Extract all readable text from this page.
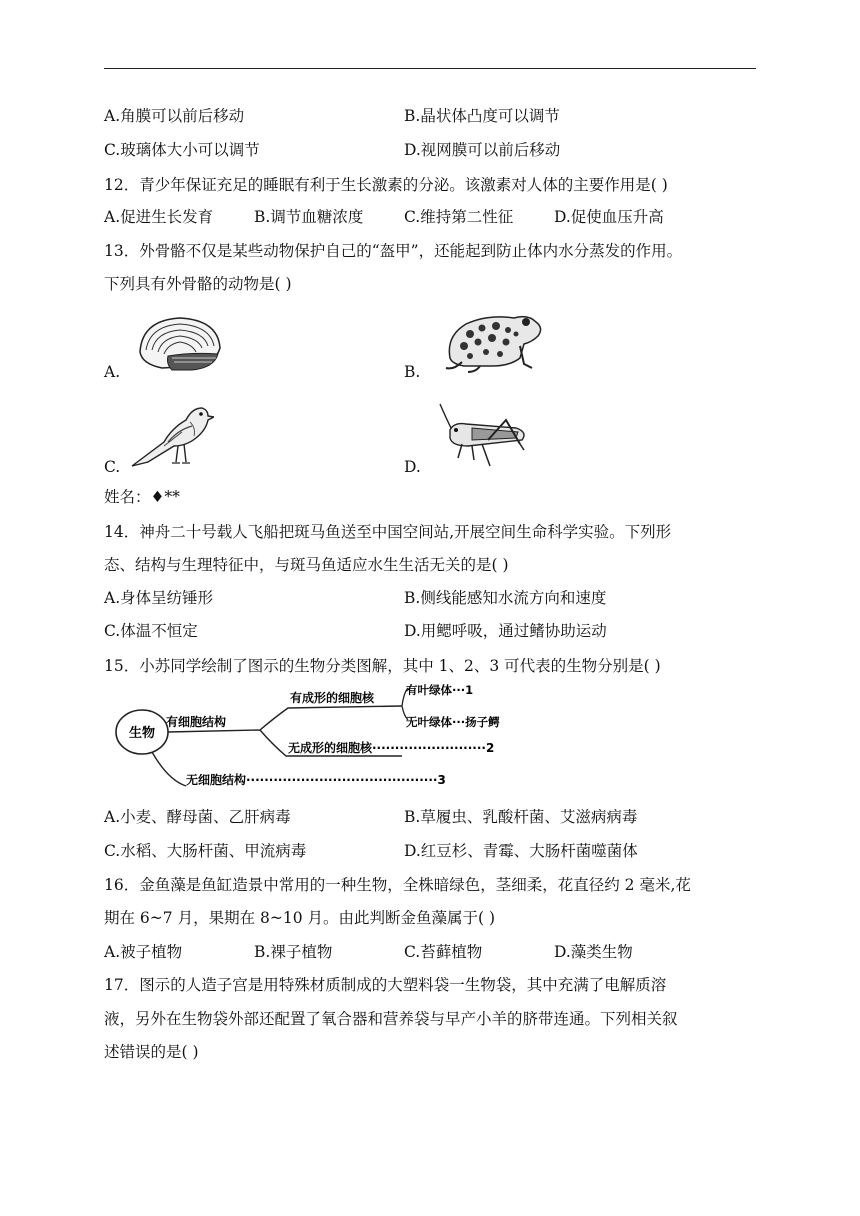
A.角膜可以前后移动	B.晶状体凸度可以调节
C.玻璃体大小可以调节	D.视网膜可以前后移动
12．青少年保证充足的睡眠有利于生长激素的分泌。该激素对人体的主要作用是( )
A.促进生长发育	B.调节血糖浓度	C.维持第二性征	D.促使血压升高
13．外骨骼不仅是某些动物保护自己的“盔甲”，还能起到防止体内水分蒸发的作用。
下列具有外骨骼的动物是( )
A.	B.
C.	D.
姓名：♦**
14．神舟二十号载人飞船把斑马鱼送至中国空间站,开展空间生命科学实验。下列形
态、结构与生理特征中，与斑马鱼适应水生生活无关的是( )
A.身体呈纺锤形	B.侧线能感知水流方向和速度
C.体温不恒定	D.用鳃呼吸，通过鳍协助运动
15．小苏同学绘制了图示的生物分类图解，其中 1、2、3 可代表的生物分别是( )
生物
有细胞结构
有成形的细胞核
有叶绿体···1
无叶绿体···扬子鳄
无成形的细胞核·························2
无细胞结构··········································3
A.小麦、酵母菌、乙肝病毒	B.草履虫、乳酸杆菌、艾滋病病毒
C.水稻、大肠杆菌、甲流病毒	D.红豆杉、青霉、大肠杆菌噬菌体
16．金鱼藻是鱼缸造景中常用的一种生物，全株暗绿色，茎细柔，花直径约 2 毫米,花
期在 6~7 月，果期在 8~10 月。由此判断金鱼藻属于( )
A.被子植物	B.裸子植物	C.苔藓植物	D.藻类生物
17．图示的人造子宫是用特殊材质制成的大塑料袋一生物袋，其中充满了电解质溶
液，另外在生物袋外部还配置了氧合器和营养袋与早产小羊的脐带连通。下列相关叙
述错误的是( )
